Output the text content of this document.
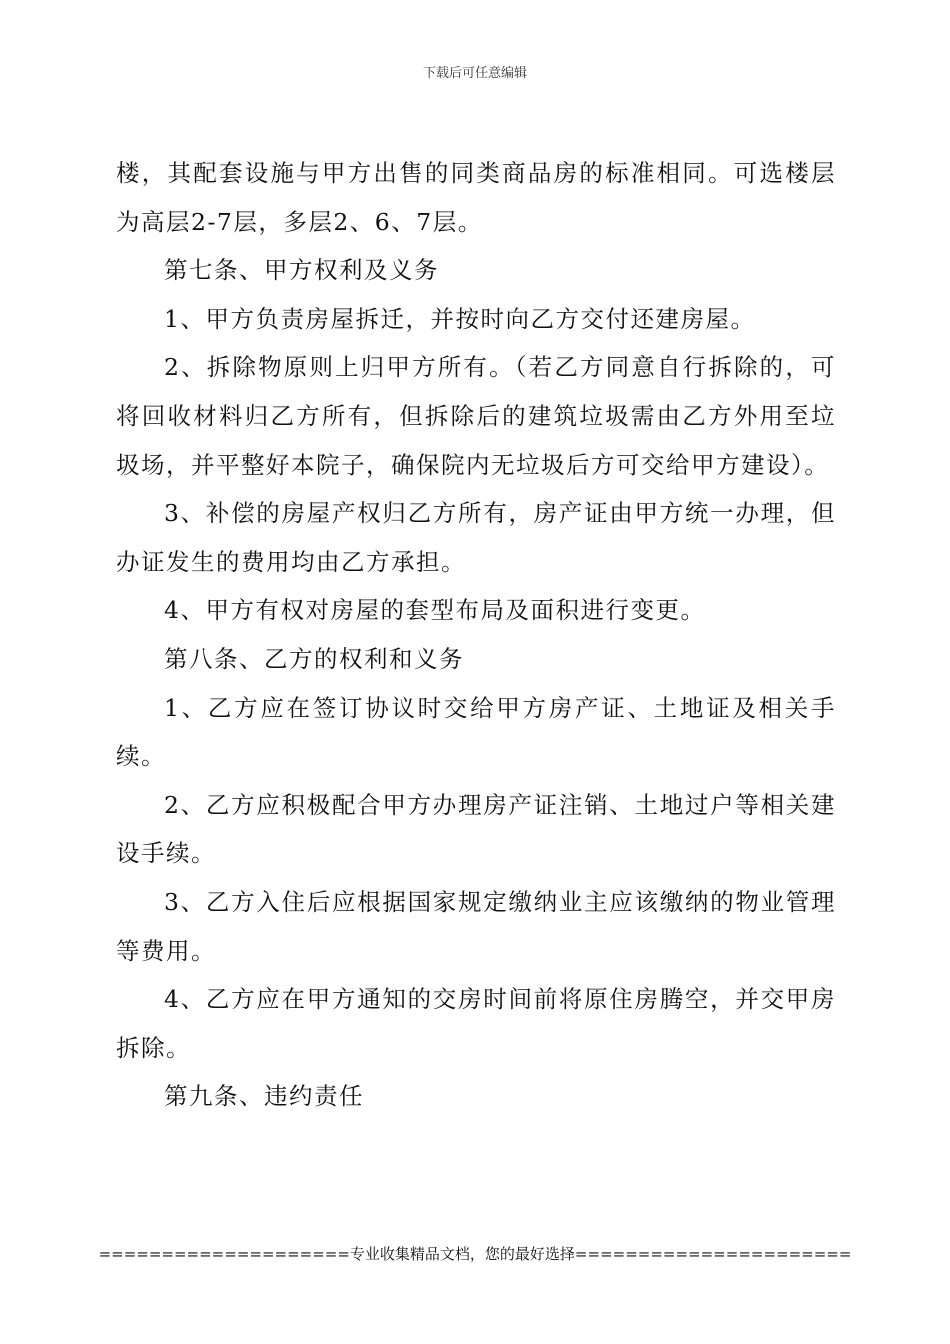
下载后可任意编辑

楼，其配套设施与甲方出售的同类商品房的标准相同。可选楼层为高层2-7层，多层2、6、7层。

第七条、甲方权利及义务

1、甲方负责房屋拆迁，并按时向乙方交付还建房屋。

2、拆除物原则上归甲方所有。（若乙方同意自行拆除的，可将回收材料归乙方所有，但拆除后的建筑垃圾需由乙方外用至垃圾场，并平整好本院子，确保院内无垃圾后方可交给甲方建设）。

3、补偿的房屋产权归乙方所有，房产证由甲方统一办理，但办证发生的费用均由乙方承担。

4、甲方有权对房屋的套型布局及面积进行变更。

第八条、乙方的权利和义务

1、乙方应在签订协议时交给甲方房产证、土地证及相关手续。

2、乙方应积极配合甲方办理房产证注销、土地过户等相关建设手续。

3、乙方入住后应根据国家规定缴纳业主应该缴纳的物业管理等费用。

4、乙方应在甲方通知的交房时间前将原住房腾空，并交甲房拆除。

第九条、违约责任

====================专业收集精品文档，您的最好选择======================
